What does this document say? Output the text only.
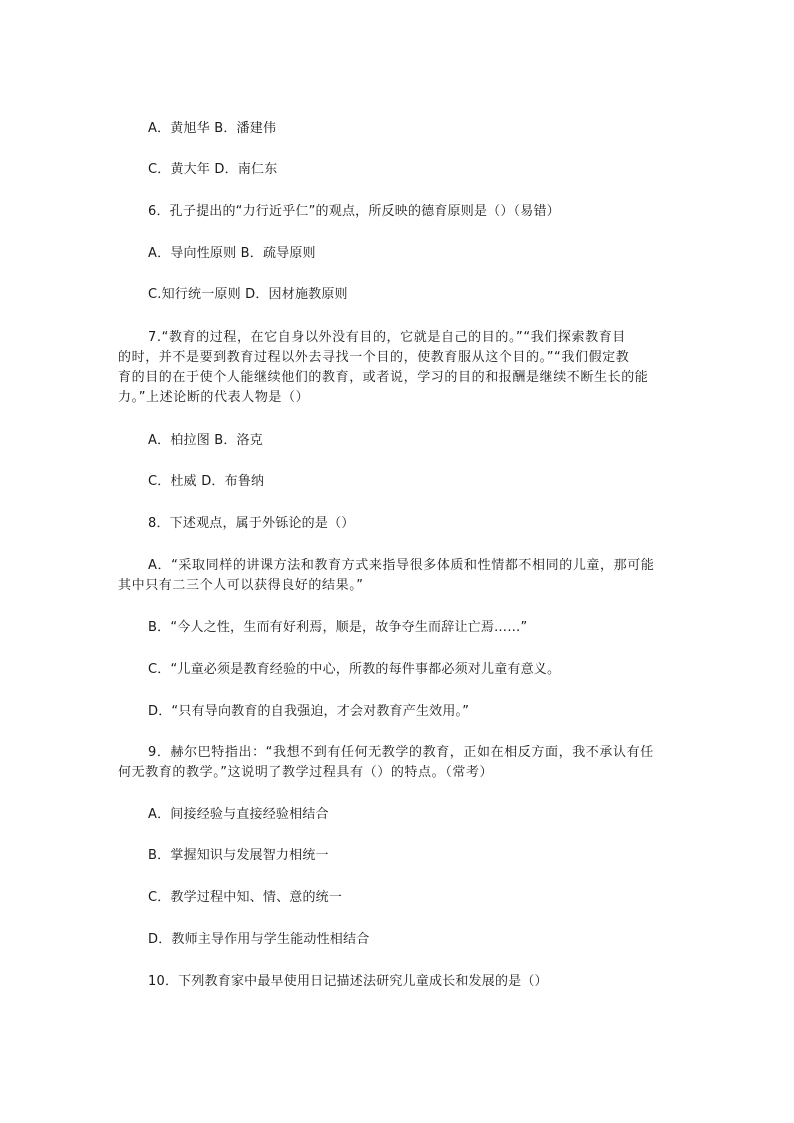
A．黄旭华 B．潘建伟
C．黄大年 D．南仁东
6．孔子提出的“力行近乎仁”的观点，所反映的德育原则是（）（易错）
A．导向性原则 B．疏导原则
C.知行统一原则 D．因材施教原则
7.“教育的过程，在它自身以外没有目的，它就是自己的目的。”“我们探索教育目
的时，并不是要到教育过程以外去寻找一个目的，使教育服从这个目的。”“我们假定教
育的目的在于使个人能继续他们的教育，或者说，学习的目的和报酬是继续不断生长的能
力。”上述论断的代表人物是（）
A．柏拉图 B．洛克
C．杜威 D．布鲁纳
8．下述观点，属于外铄论的是（）
A．“采取同样的讲课方法和教育方式来指导很多体质和性情都不相同的儿童，那可能
其中只有二三个人可以获得良好的结果。”
B．“今人之性，生而有好利焉，顺是，故争夺生而辞让亡焉……”
C．“儿童必须是教育经验的中心，所教的每件事都必须对儿童有意义。
D．“只有导向教育的自我强迫，才会对教育产生效用。”
9．赫尔巴特指出：“我想不到有任何无教学的教育，正如在相反方面，我不承认有任
何无教育的教学。”这说明了教学过程具有（）的特点。（常考）
A．间接经验与直接经验相结合
B．掌握知识与发展智力相统一
C．教学过程中知、情、意的统一
D．教师主导作用与学生能动性相结合
10．下列教育家中最早使用日记描述法研究儿童成长和发展的是（）
